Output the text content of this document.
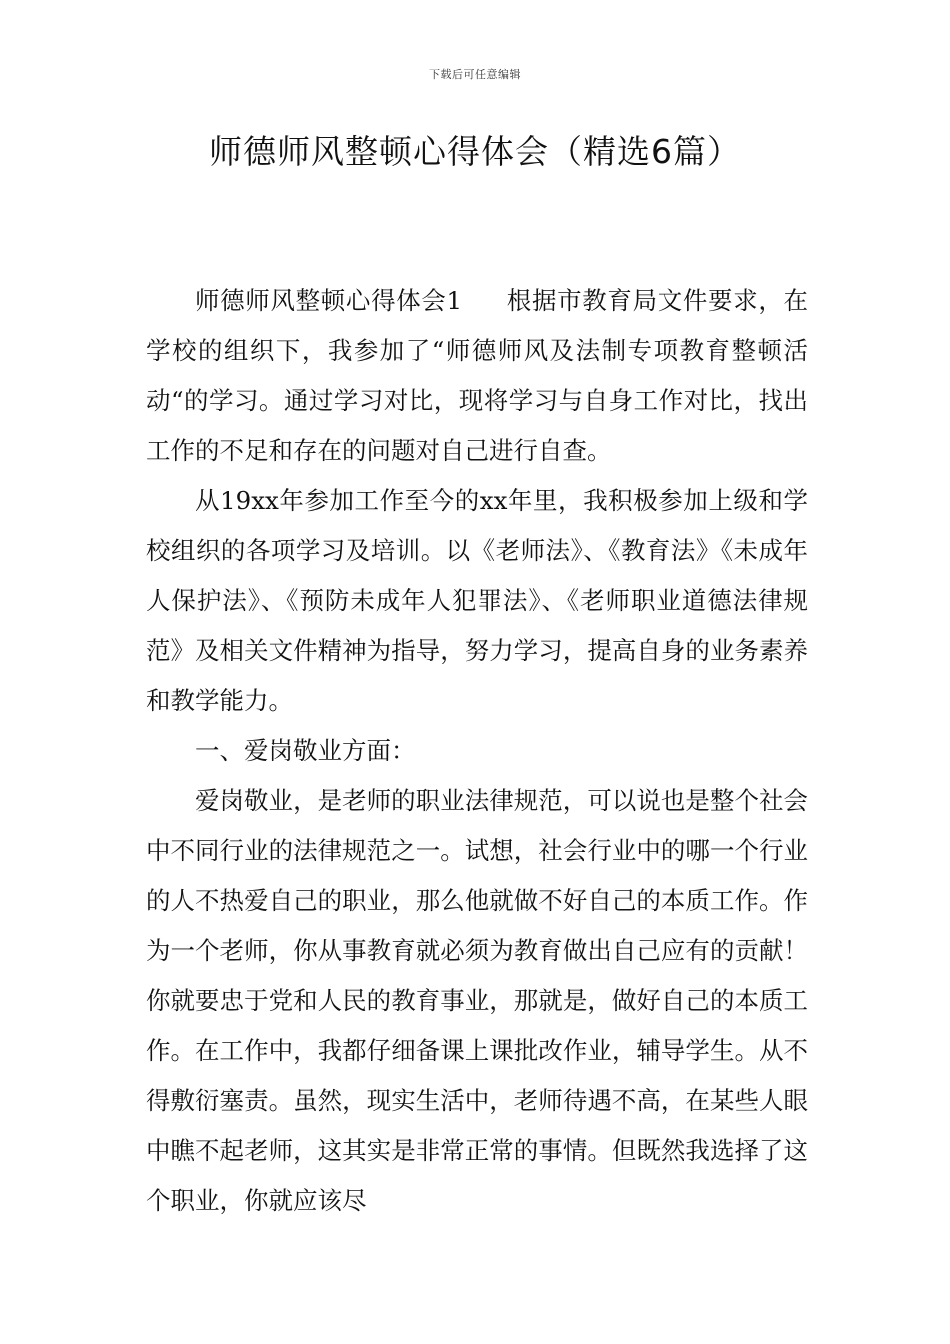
下载后可任意编辑
师德师风整顿心得体会（精选6篇）

师德师风整顿心得体会1 根据市教育局文件要求，在学校的组织下，我参加了“师德师风及法制专项教育整顿活动“的学习。通过学习对比，现将学习与自身工作对比，找出工作的不足和存在的问题对自己进行自查。

从19xx年参加工作至今的xx年里，我积极参加上级和学校组织的各项学习及培训。以《老师法》、《教育法》《未成年人保护法》、《预防未成年人犯罪法》、《老师职业道德法律规范》及相关文件精神为指导，努力学习，提高自身的业务素养和教学能力。

一、爱岗敬业方面：

爱岗敬业，是老师的职业法律规范，可以说也是整个社会中不同行业的法律规范之一。试想，社会行业中的哪一个行业的人不热爱自己的职业，那么他就做不好自己的本质工作。作为一个老师，你从事教育就必须为教育做出自己应有的贡献！你就要忠于党和人民的教育事业，那就是，做好自己的本质工作。在工作中，我都仔细备课上课批改作业，辅导学生。从不得敷衍塞责。虽然，现实生活中，老师待遇不高，在某些人眼中瞧不起老师，这其实是非常正常的事情。但既然我选择了这个职业，你就应该尽
